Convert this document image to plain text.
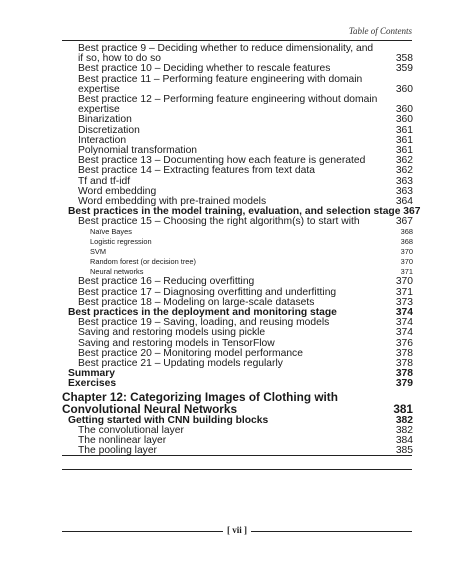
Table of Contents
Best practice 9 – Deciding whether to reduce dimensionality, and if so, how to do so	358
Best practice 10 – Deciding whether to rescale features	359
Best practice 11 – Performing feature engineering with domain expertise	360
Best practice 12 – Performing feature engineering without domain expertise	360
Binarization	360
Discretization	361
Interaction	361
Polynomial transformation	361
Best practice 13 – Documenting how each feature is generated	362
Best practice 14 – Extracting features from text data	362
Tf and tf-idf	363
Word embedding	363
Word embedding with pre-trained models	364
Best practices in the model training, evaluation, and selection stage 367
Best practice 15 – Choosing the right algorithm(s) to start with	367
Naïve Bayes	368
Logistic regression	368
SVM	370
Random forest (or decision tree)	370
Neural networks	371
Best practice 16 – Reducing overfitting	370
Best practice 17 – Diagnosing overfitting and underfitting	371
Best practice 18 – Modeling on large-scale datasets	373
Best practices in the deployment and monitoring stage	374
Best practice 19 – Saving, loading, and reusing models	374
Saving and restoring models using pickle	374
Saving and restoring models in TensorFlow	376
Best practice 20 – Monitoring model performance	378
Best practice 21 – Updating models regularly	378
Summary	378
Exercises	379
Chapter 12: Categorizing Images of Clothing with Convolutional Neural Networks	381
Getting started with CNN building blocks	382
The convolutional layer	382
The nonlinear layer	384
The pooling layer	385
[ vii ]
